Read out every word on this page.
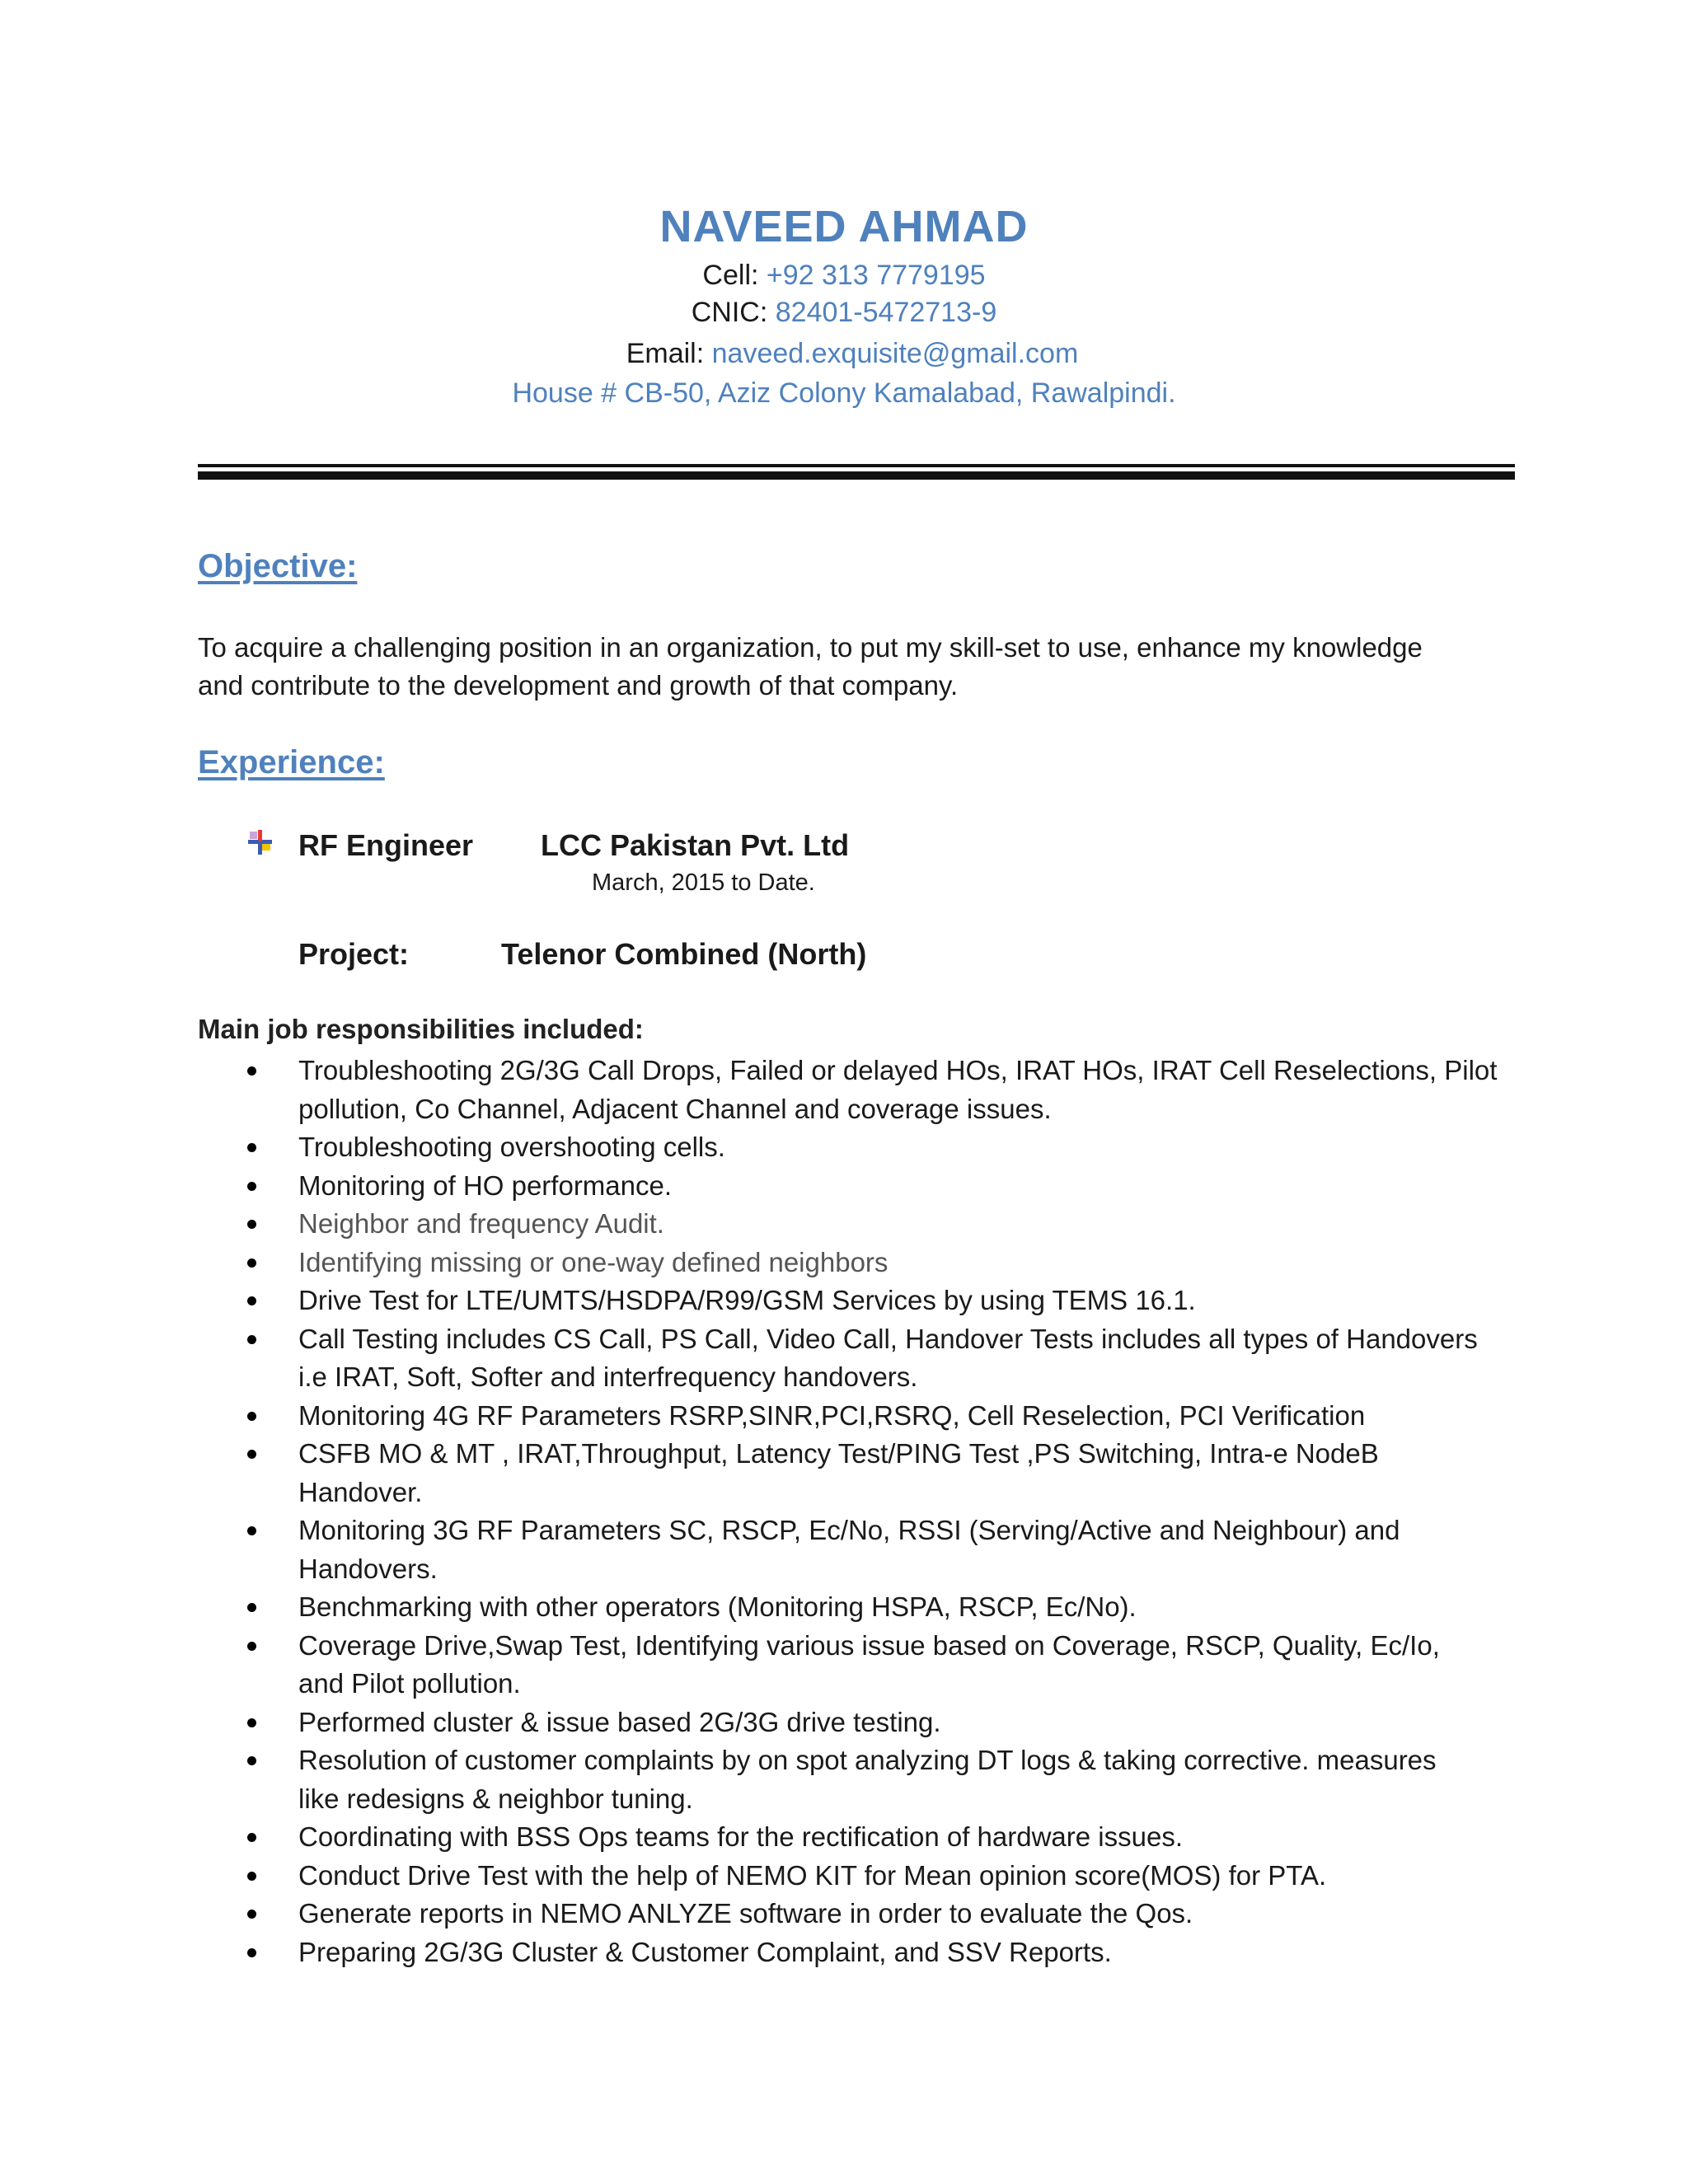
NAVEED AHMAD
Cell: +92 313 7779195
CNIC: 82401-5472713-9
Email: naveed.exquisite@gmail.com
House # CB-50, Aziz Colony Kamalabad, Rawalpindi.
Objective:
To acquire a challenging position in an organization, to put my skill-set to use, enhance my knowledge
and contribute to the development and growth of that company.
Experience:
RF Engineer LCC Pakistan Pvt. Ltd
March, 2015 to Date.
Project:	Telenor Combined (North)
Main job responsibilities included:
Troubleshooting 2G/3G Call Drops, Failed or delayed HOs, IRAT HOs, IRAT Cell Reselections, Pilot
pollution, Co Channel, Adjacent Channel and coverage issues.
Troubleshooting overshooting cells.
Monitoring of HO performance.
Neighbor and frequency Audit.
Identifying missing or one-way defined neighbors
Drive Test for LTE/UMTS/HSDPA/R99/GSM Services by using TEMS 16.1.
Call Testing includes CS Call, PS Call, Video Call, Handover Tests includes all types of Handovers
i.e IRAT, Soft, Softer and interfrequency handovers.
Monitoring 4G RF Parameters RSRP,SINR,PCI,RSRQ, Cell Reselection, PCI Verification
CSFB MO & MT , IRAT,Throughput, Latency Test/PING Test ,PS Switching, Intra-e NodeB
Handover.
Monitoring 3G RF Parameters SC, RSCP, Ec/No, RSSI (Serving/Active and Neighbour) and
Handovers.
Benchmarking with other operators (Monitoring HSPA, RSCP, Ec/No).
Coverage Drive,Swap Test, Identifying various issue based on Coverage, RSCP, Quality, Ec/Io,
and Pilot pollution.
Performed cluster & issue based 2G/3G drive testing.
Resolution of customer complaints by on spot analyzing DT logs & taking corrective. measures
like redesigns & neighbor tuning.
Coordinating with BSS Ops teams for the rectification of hardware issues.
Conduct Drive Test with the help of NEMO KIT for Mean opinion score(MOS) for PTA.
Generate reports in NEMO ANLYZE software in order to evaluate the Qos.
Preparing 2G/3G Cluster & Customer Complaint, and SSV Reports.
